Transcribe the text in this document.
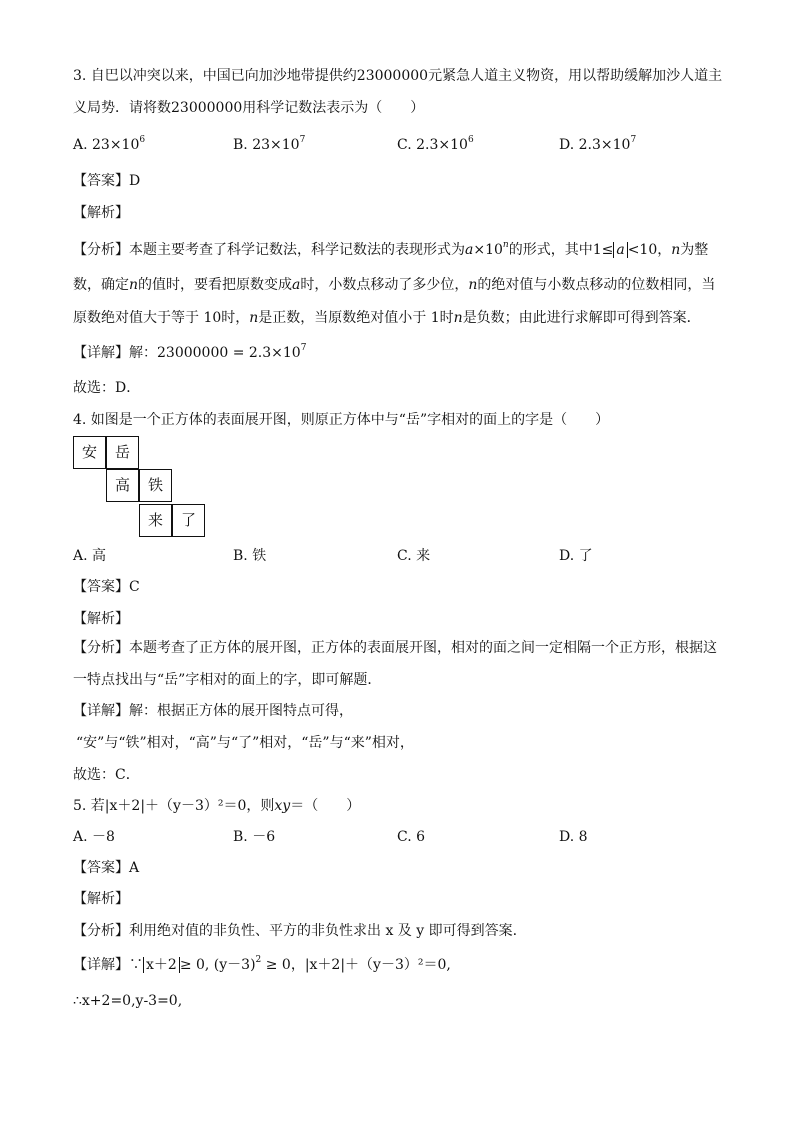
3. 自巴以冲突以来，中国已向加沙地带提供约23000000元紧急人道主义物资，用以帮助缓解加沙人道主
义局势．请将数23000000用科学记数法表示为（　　）
A. $23\times 10^6$	B. $23\times 10^7$	C. $2.3\times 10^6$	D. $2.3\times 10^7$
【答案】D
【解析】
【分析】本题主要考查了科学记数法，科学记数法的表现形式为$a\times 10^n$的形式，其中1≤ a <10，n为整
数，确定n的值时，要看把原数变成a时，小数点移动了多少位，n的绝对值与小数点移动的位数相同，当
原数绝对值大于等于 10时，n是正数，当原数绝对值小于 1时n是负数；由此进行求解即可得到答案．
【详解】解：$23000000 = 2.3\times 10^7$
故选：D．
4. 如图是一个正方体的表面展开图，则原正方体中与“岳”字相对的面上的字是（　　）
安	岳
高	铁
来	了
A. 高	B. 铁	C. 来	D. 了
【答案】C
【解析】
【分析】本题考查了正方体的展开图，正方体的表面展开图，相对的面之间一定相隔一个正方形，根据这
一特点找出与“岳”字相对的面上的字，即可解题．
【详解】解：根据正方体的展开图特点可得，
“安”与“铁”相对，“高”与“了”相对，“岳”与“来”相对，
故选：C．
5. 若|x＋2|＋（y－3）²＝0，则xy＝（　　）
A. －8	B. －6	C. 6	D. 8
【答案】A
【解析】
【分析】利用绝对值的非负性、平方的非负性求出 x 及 y 即可得到答案.
【详解】∵ x＋2 ≥ 0, $(y-3)^2 \ge 0$，|x＋2|＋（y－3）²＝0,
∴x+2=0,y-3=0,
